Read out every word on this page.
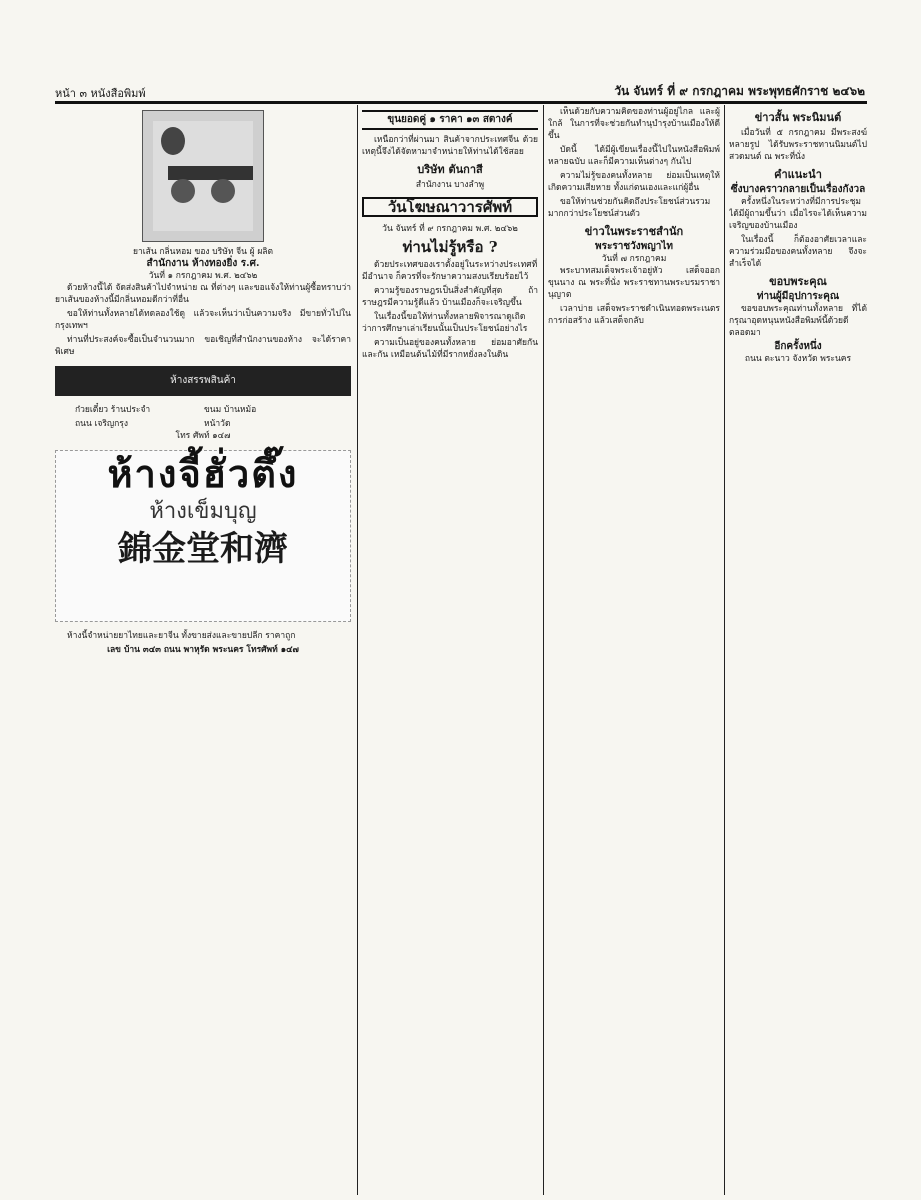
หน้า ๓ หนังสือพิมพ์	วัน จันทร์ ที่ ๙ กรกฎาคม พระพุทธศักราช ๒๔๖๒
ยาเส้น กลิ่นหอม ของ บริษัท จีน ผู้ ผลิต
สำนักงาน ห้างทองยิ่ง ร.ศ.
วันที่ ๑ กรกฎาคม พ.ศ. ๒๔๖๒

ด้วยห้างนี้ได้ จัดส่งสินค้าไปจำหน่าย ณ ที่ต่างๆ และขอแจ้งให้ท่านผู้ซื้อทราบว่า ยาเส้นของห้างนี้มีกลิ่นหอมดีกว่าที่อื่น

ขอให้ท่านทั้งหลายได้ทดลองใช้ดู แล้วจะเห็นว่าเป็นความจริง มีขายทั่วไปในกรุงเทพฯ

ท่านที่ประสงค์จะซื้อเป็นจำนวนมาก ขอเชิญที่สำนักงานของห้าง จะได้ราคาพิเศษ

ห้างสรรพสินค้า
ก๋วยเตี๋ยว ร้านประจำ	ขนม บ้านหม้อ
ถนน เจริญกรุง	หน้าวัด
โทร ศัพท์ ๑๔๗
ห้างจี้ฮั่วตึ๊ง
ห้างเข็มบุญ
錦金堂和濟

ห้างนี้จำหน่ายยาไทยและยาจีน ทั้งขายส่งและขายปลีก ราคาถูก

เลข บ้าน ๓๔๓ ถนน พาหุรัด พระนคร โทรศัพท์ ๑๔๗
ขุนยอดคู่ ๑ ราคา ๑๓ สตางค์

เหนือกว่าที่ผ่านมา สินค้าจากประเทศจีน ด้วยเหตุนี้จึงได้จัดหามาจำหน่ายให้ท่านได้ใช้สอย

บริษัท ตันกาสี
สำนักงาน บางลำพู
วันโฆษณาวารศัพท์
วัน จันทร์ ที่ ๙ กรกฎาคม พ.ศ. ๒๔๖๒
ท่านไม่รู้หรือ ?

ด้วยประเทศของเราตั้งอยู่ในระหว่างประเทศที่มีอำนาจ ก็ควรที่จะรักษาความสงบเรียบร้อยไว้

ความรู้ของราษฎรเป็นสิ่งสำคัญที่สุด ถ้าราษฎรมีความรู้ดีแล้ว บ้านเมืองก็จะเจริญขึ้น

ในเรื่องนี้ขอให้ท่านทั้งหลายพิจารณาดูเถิด ว่าการศึกษาเล่าเรียนนั้นเป็นประโยชน์อย่างไร

ความเป็นอยู่ของคนทั้งหลาย ย่อมอาศัยกันและกัน เหมือนต้นไม้ที่มีรากหยั่งลงในดิน

เห็นด้วยกับความคิดของท่านผู้อยู่ไกล และผู้ใกล้ ในการที่จะช่วยกันทำนุบำรุงบ้านเมืองให้ดีขึ้น

บัดนี้ ได้มีผู้เขียนเรื่องนี้ไปในหนังสือพิมพ์หลายฉบับ และก็มีความเห็นต่างๆ กันไป

ความไม่รู้ของคนทั้งหลาย ย่อมเป็นเหตุให้เกิดความเสียหาย ทั้งแก่ตนเองและแก่ผู้อื่น

ขอให้ท่านช่วยกันคิดถึงประโยชน์ส่วนรวม มากกว่าประโยชน์ส่วนตัว

ข่าวในพระราชสำนัก
พระราชวังพญาไท
วันที่ ๗ กรกฎาคม

พระบาทสมเด็จพระเจ้าอยู่หัว เสด็จออกขุนนาง ณ พระที่นั่ง พระราชทานพระบรมราชานุญาต

เวลาบ่าย เสด็จพระราชดำเนินทอดพระเนตรการก่อสร้าง แล้วเสด็จกลับ

ข่าวสั้น พระนิมนต์

เมื่อวันที่ ๕ กรกฎาคม มีพระสงฆ์หลายรูป ได้รับพระราชทานนิมนต์ไปสวดมนต์ ณ พระที่นั่ง

คำแนะนำ
ซึ่งบางคราวกลายเป็นเรื่องกังวล

ครั้งหนึ่งในระหว่างที่มีการประชุม ได้มีผู้ถามขึ้นว่า เมื่อไรจะได้เห็นความเจริญของบ้านเมือง

ในเรื่องนี้ ก็ต้องอาศัยเวลาและความร่วมมือของคนทั้งหลาย จึงจะสำเร็จได้

ขอบพระคุณ
ท่านผู้มีอุปการะคุณ

ขอขอบพระคุณท่านทั้งหลาย ที่ได้กรุณาอุดหนุนหนังสือพิมพ์นี้ด้วยดีตลอดมา

อีกครั้งหนึ่ง
ถนน ตะนาว จังหวัด พระนคร
